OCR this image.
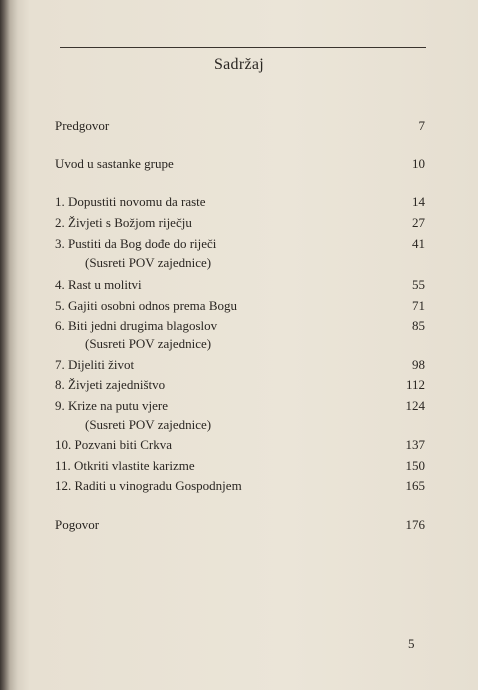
Sadržaj
Predgovor	7
Uvod u sastanke grupe	10
1. Dopustiti novomu da raste	14
2. Živjeti s Božjom riječju	27
3. Pustiti da Bog dođe do riječi	41
(Susreti POV zajednice)
4. Rast u molitvi	55
5. Gajiti osobni odnos prema Bogu	71
6. Biti jedni drugima blagoslov	85
(Susreti POV zajednice)
7. Dijeliti život	98
8. Živjeti zajedništvo	112
9. Krize na putu vjere	124
(Susreti POV zajednice)
10. Pozvani biti Crkva	137
11. Otkriti vlastite karizme	150
12. Raditi u vinogradu Gospodnjem	165
Pogovor	176
5
